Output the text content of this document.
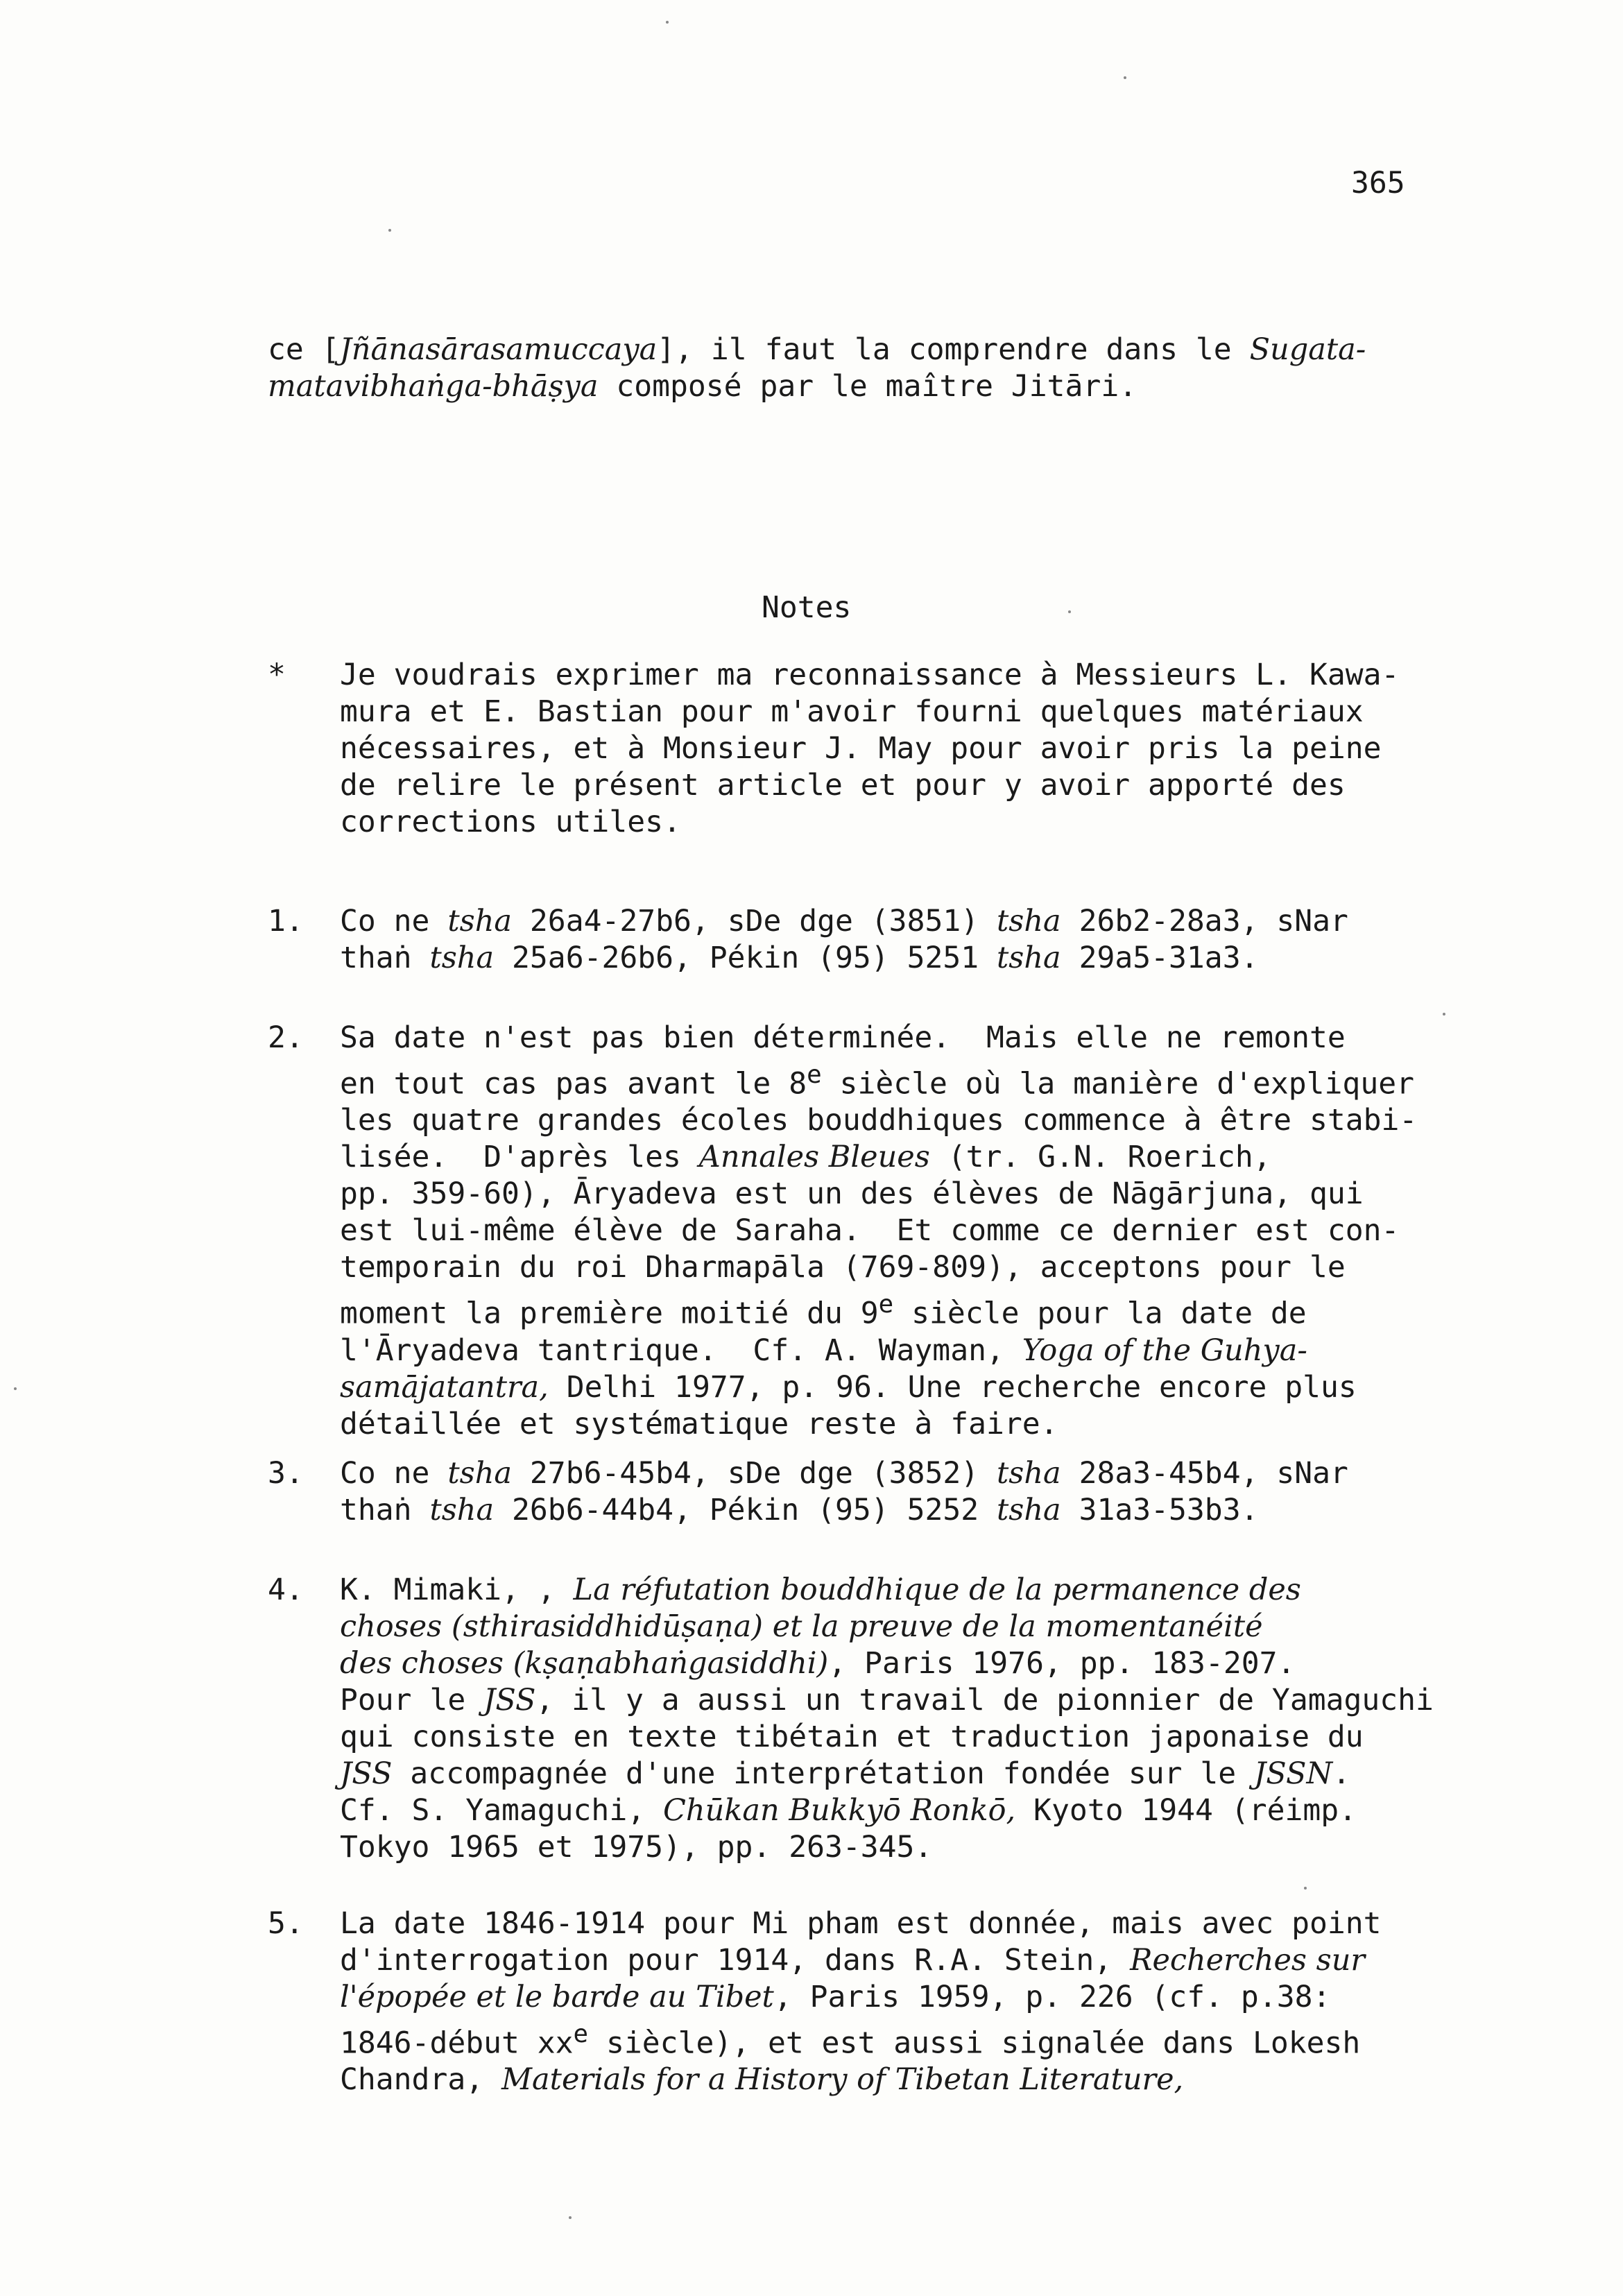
365
ce [Jñānasārasamuccaya], il faut la comprendre dans le Sugata-
matavibhaṅga-bhāṣya composé par le maître Jitāri.
Notes
*	Je voudrais exprimer ma reconnaissance à Messieurs L. Kawa-
mura et E. Bastian pour m'avoir fourni quelques matériaux
nécessaires, et à Monsieur J. May pour avoir pris la peine
de relire le présent article et pour y avoir apporté des
corrections utiles.
1.	Co ne tsha 26a4-27b6, sDe dge (3851) tsha 26b2-28a3, sNar
thaṅ tsha 25a6-26b6, Pékin (95) 5251 tsha 29a5-31a3.
2.	Sa date n'est pas bien déterminée.  Mais elle ne remonte
en tout cas pas avant le 8e siècle où la manière d'expliquer
les quatre grandes écoles bouddhiques commence à être stabi-
lisée.  D'après les Annales Bleues (tr. G.N. Roerich,
pp. 359-60), Āryadeva est un des élèves de Nāgārjuna, qui
est lui-même élève de Saraha.  Et comme ce dernier est con-
temporain du roi Dharmapāla (769-809), acceptons pour le
moment la première moitié du 9e siècle pour la date de
l'Āryadeva tantrique.  Cf. A. Wayman, Yoga of the Guhya-
samājatantra, Delhi 1977, p. 96. Une recherche encore plus
détaillée et systématique reste à faire.
3.	Co ne tsha 27b6-45b4, sDe dge (3852) tsha 28a3-45b4, sNar
thaṅ tsha 26b6-44b4, Pékin (95) 5252 tsha 31a3-53b3.
4.	K. Mimaki, , La réfutation bouddhique de la permanence des
choses (sthirasiddhidūṣaṇa) et la preuve de la momentanéité
des choses (kṣaṇabhaṅgasiddhi), Paris 1976, pp. 183-207.
Pour le JSS, il y a aussi un travail de pionnier de Yamaguchi
qui consiste en texte tibétain et traduction japonaise du
JSS accompagnée d'une interprétation fondée sur le JSSN.
Cf. S. Yamaguchi, Chūkan Bukkyō Ronkō, Kyoto 1944 (réimp.
Tokyo 1965 et 1975), pp. 263-345.
5.	La date 1846-1914 pour Mi pham est donnée, mais avec point
d'interrogation pour 1914, dans R.A. Stein, Recherches sur
l'épopée et le barde au Tibet, Paris 1959, p. 226 (cf. p.38:
1846-début $xx^e$ siècle), et est aussi signalée dans Lokesh
Chandra, Materials for a History of Tibetan Literature,
